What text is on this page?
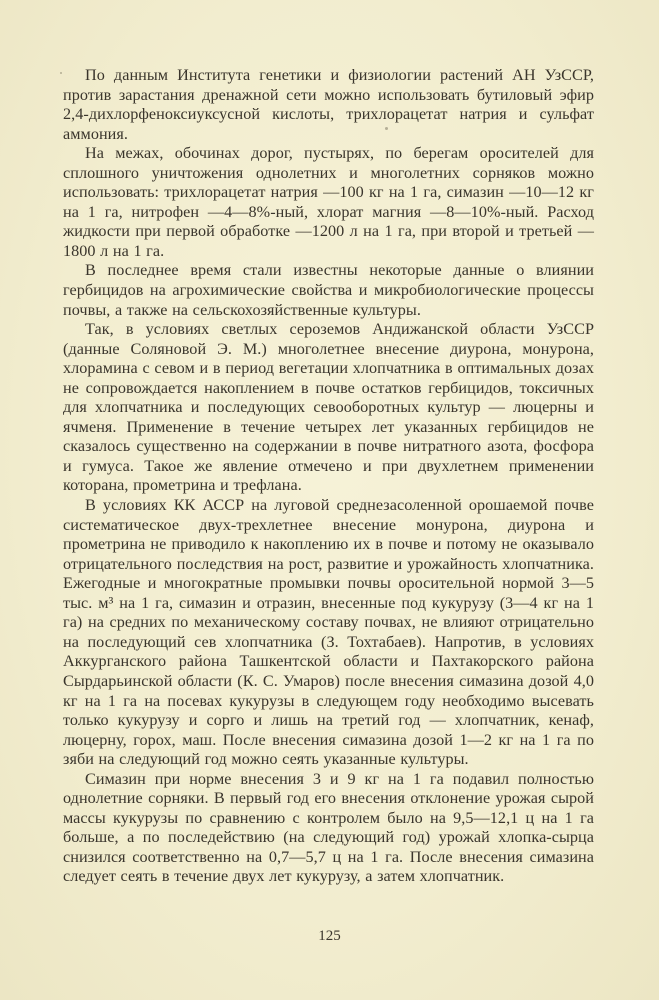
По данным Института генетики и физиологии растений АН УзССР, против зарастания дренажной сети можно использовать бутиловый эфир 2,4-дихлорфеноксиуксусной кислоты, трихлорацетат натрия и сульфат аммония.

На межах, обочинах дорог, пустырях, по берегам оросителей для сплошного уничтожения однолетних и многолетних сорняков можно использовать: трихлорацетат натрия —100 кг на 1 га, симазин —10—12 кг на 1 га, нитрофен —4—8%-ный, хлорат магния —8—10%-ный. Расход жидкости при первой обработке —1200 л на 1 га, при второй и третьей —1800 л на 1 га.

В последнее время стали известны некоторые данные о влиянии гербицидов на агрохимические свойства и микробиологические процессы почвы, а также на сельскохозяйственные культуры.

Так, в условиях светлых сероземов Андижанской области УзССР (данные Соляновой Э. М.) многолетнее внесение диурона, монурона, хлорамина с севом и в период вегетации хлопчатника в оптимальных дозах не сопровождается накоплением в почве остатков гербицидов, токсичных для хлопчатника и последующих севооборотных культур — люцерны и ячменя. Применение в течение четырех лет указанных гербицидов не сказалось существенно на содержании в почве нитратного азота, фосфора и гумуса. Такое же явление отмечено и при двухлетнем применении которана, прометрина и трефлана.

В условиях КК АССР на луговой среднезасоленной орошаемой почве систематическое двух-трехлетнее внесение монурона, диурона и прометрина не приводило к накоплению их в почве и потому не оказывало отрицательного последствия на рост, развитие и урожайность хлопчатника. Ежегодные и многократные промывки почвы оросительной нормой 3—5 тыс. м³ на 1 га, симазин и отразин, внесенные под кукурузу (3—4 кг на 1 га) на средних по механическому составу почвах, не влияют отрицательно на последующий сев хлопчатника (З. Тохтабаев). Напротив, в условиях Аккурганского района Ташкентской области и Пахтакорского района Сырдарьинской области (К. С. Умаров) после внесения симазина дозой 4,0 кг на 1 га на посевах кукурузы в следующем году необходимо высевать только кукурузу и сорго и лишь на третий год — хлопчатник, кенаф, люцерну, горох, маш. После внесения симазина дозой 1—2 кг на 1 га по зяби на следующий год можно сеять указанные культуры.

Симазин при норме внесения 3 и 9 кг на 1 га подавил полностью однолетние сорняки. В первый год его внесения отклонение урожая сырой массы кукурузы по сравнению с контролем было на 9,5—12,1 ц на 1 га больше, а по последействию (на следующий год) урожай хлопка-сырца снизился соответственно на 0,7—5,7 ц на 1 га. После внесения симазина следует сеять в течение двух лет кукурузу, а затем хлопчатник.

125
